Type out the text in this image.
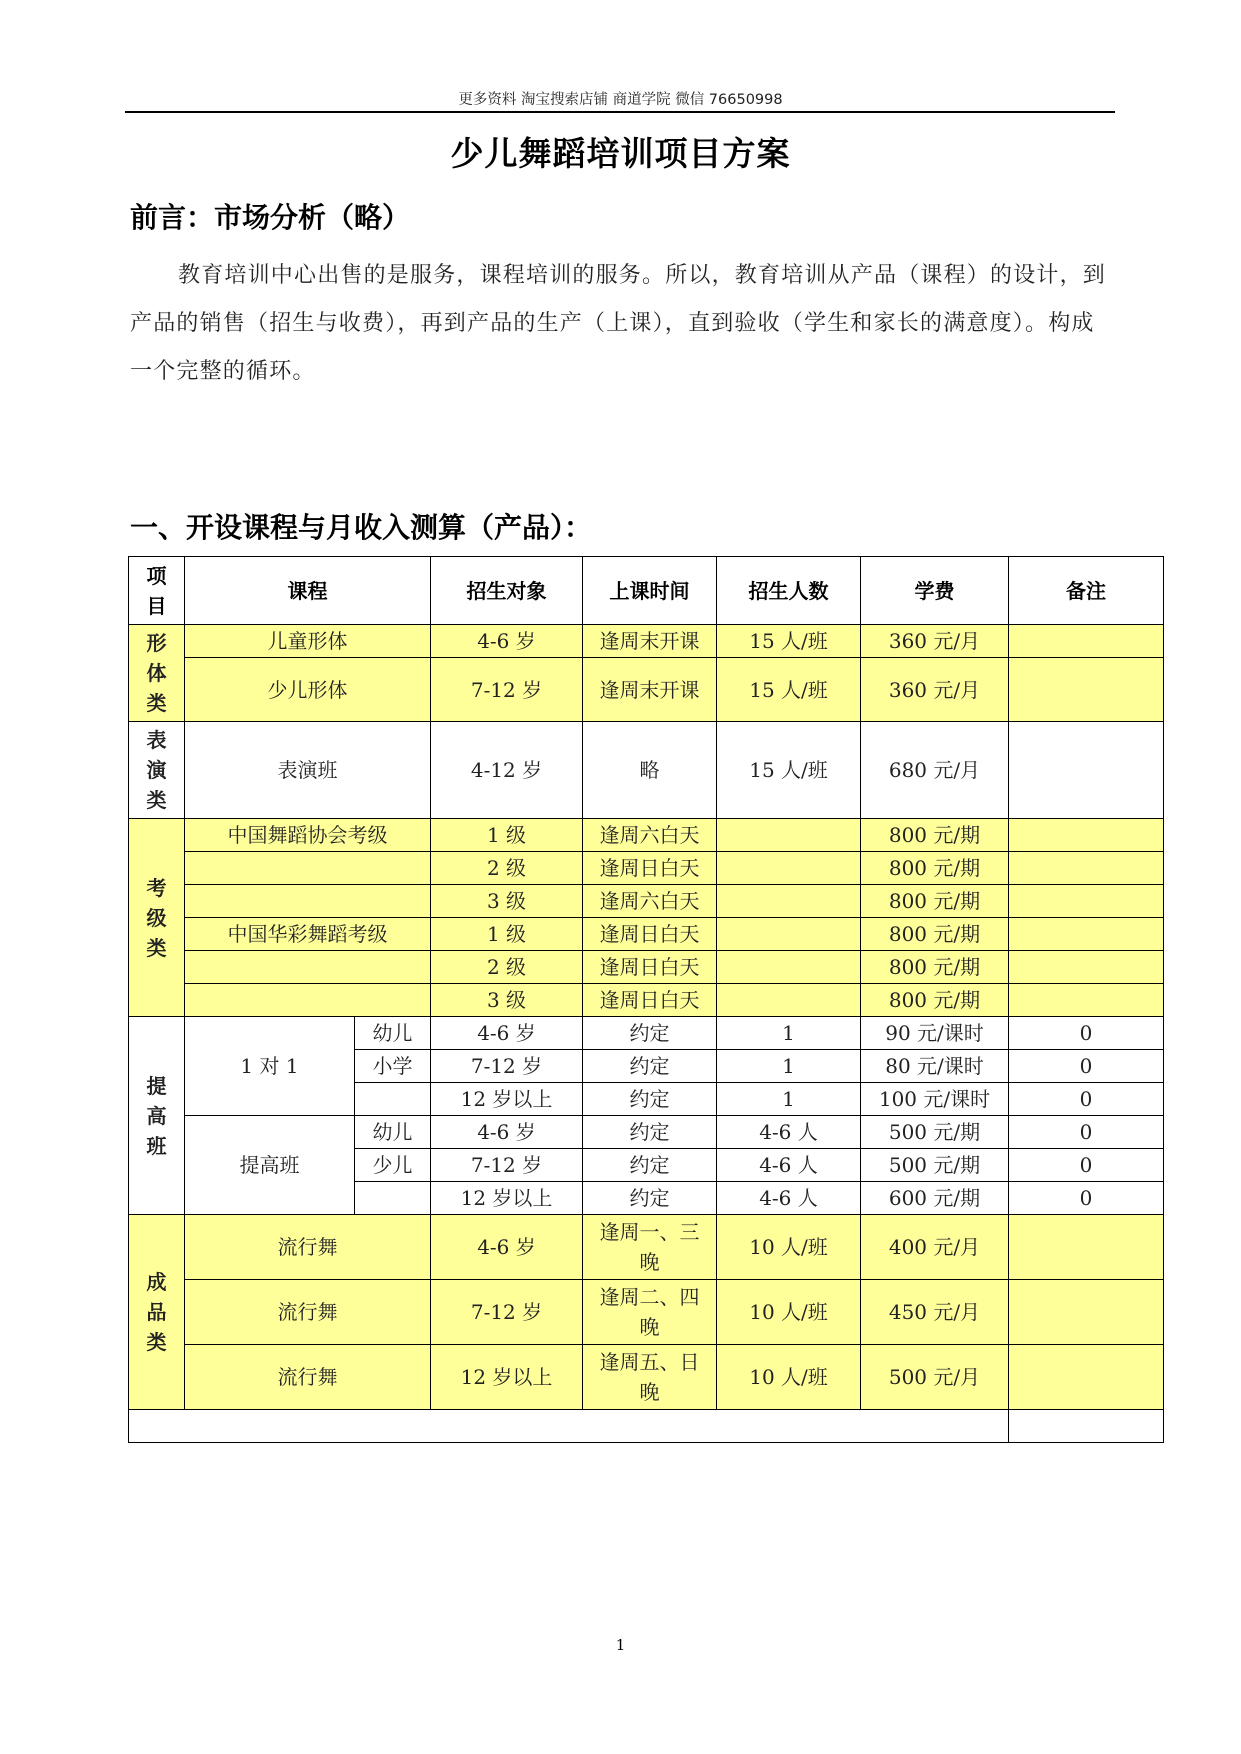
更多资料 淘宝搜索店铺 商道学院 微信 76650998
少儿舞蹈培训项目方案
前言：市场分析（略）
教育培训中心出售的是服务，课程培训的服务。所以，教育培训从产品（课程）的设计，到产品的销售（招生与收费），再到产品的生产（上课），直到验收（学生和家长的满意度）。构成一个完整的循环。
一、开设课程与月收入测算（产品）：
项
目	课程		招生对象	上课时间	招生人数	学费	备注

形
体
类	儿童形体		4-6 岁	逢周末开课	15 人/班	360 元/月	
	少儿形体		7-12 岁	逢周末开课	15 人/班	360 元/月	

表
演
类	表演班		4-12 岁	略	15 人/班	680 元/月	

考
级
类	中国舞蹈协会考级		1 级	逢周六白天		800 元/期	
			2 级	逢周日白天		800 元/期	
			3 级	逢周六白天		800 元/期	
	中国华彩舞蹈考级		1 级	逢周日白天		800 元/期	
			2 级	逢周日白天		800 元/期	
			3 级	逢周日白天		800 元/期	

提
高
班	1 对 1	幼儿	4-6 岁	约定	1	90 元/课时	0
		小学	7-12 岁	约定	1	80 元/课时	0
			12 岁以上	约定	1	100 元/课时	0
	提高班	幼儿	4-6 岁	约定	4-6 人	500 元/期	0
		少儿	7-12 岁	约定	4-6 人	500 元/期	0
			12 岁以上	约定	4-6 人	600 元/期	0

成
品
类	流行舞		4-6 岁	逢周一、三晚	10 人/班	400 元/月	
	流行舞		7-12 岁	逢周二、四晚	10 人/班	450 元/月	
	流行舞		12 岁以上	逢周五、日晚	10 人/班	500 元/月	

1
